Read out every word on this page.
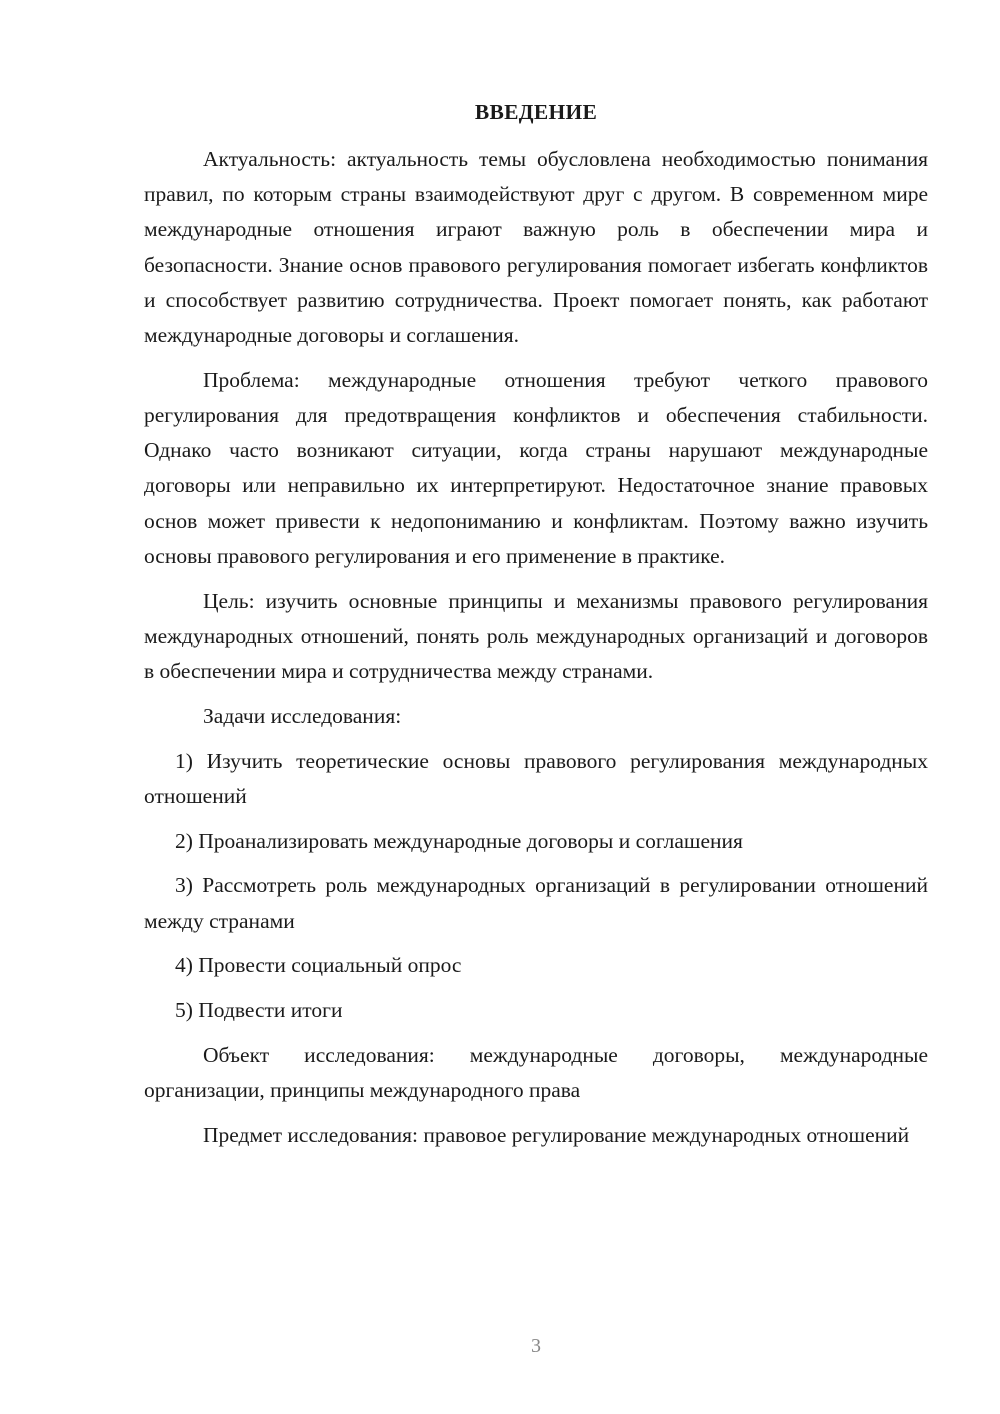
ВВЕДЕНИЕ

Актуальность: актуальность темы обусловлена необходимостью понимания правил, по которым страны взаимодействуют друг с другом. В современном мире международные отношения играют важную роль в обеспечении мира и безопасности. Знание основ правового регулирования помогает избегать конфликтов и способствует развитию сотрудничества. Проект помогает понять, как работают международные договоры и соглашения.

Проблема: международные отношения требуют четкого правового регулирования для предотвращения конфликтов и обеспечения стабильности. Однако часто возникают ситуации, когда страны нарушают международные договоры или неправильно их интерпретируют. Недостаточное знание правовых основ может привести к недопониманию и конфликтам. Поэтому важно изучить основы правового регулирования и его применение в практике.

Цель: изучить основные принципы и механизмы правового регулирования международных отношений, понять роль международных организаций и договоров в обеспечении мира и сотрудничества между странами.

Задачи исследования:

1) Изучить теоретические основы правового регулирования международных отношений

2) Проанализировать международные договоры и соглашения

3) Рассмотреть роль международных организаций в регулировании отношений между странами

4) Провести социальный опрос

5) Подвести итоги

Объект исследования: международные договоры, международные организации, принципы международного права

Предмет исследования: правовое регулирование международных отношений

3
